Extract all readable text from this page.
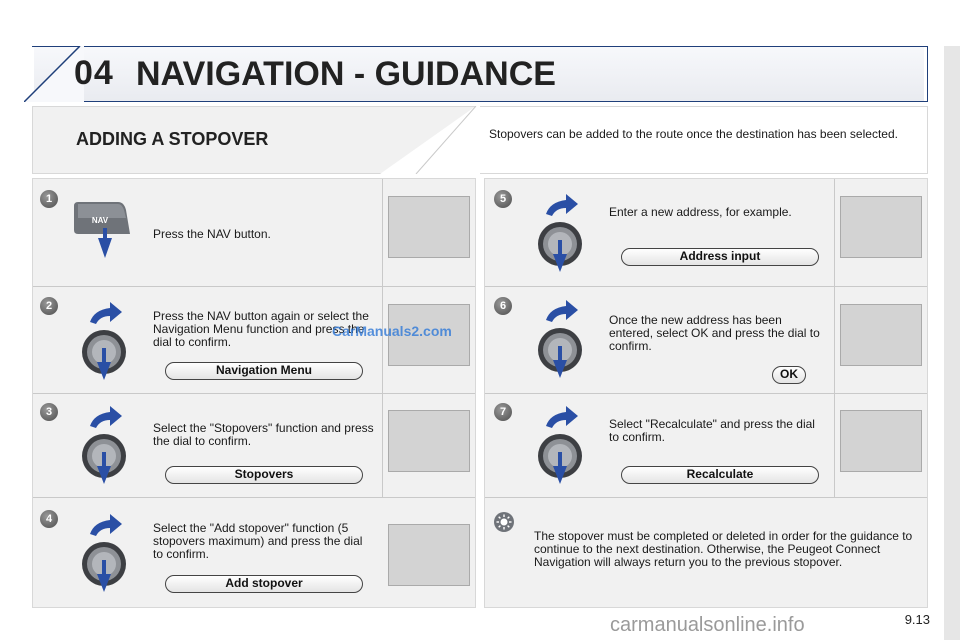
04 NAVIGATION - GUIDANCE
ADDING A STOPOVER	Stopovers can be added to the route once the destination has been selected.
1
2
3
4
5
6
7
NAV
Press the NAV button.
Press the NAV button again or select the Navigation Menu function and press the dial to confirm.
Select the "Stopovers" function and press the dial to confirm.
Select the "Add stopover" function (5 stopovers maximum) and press the dial to confirm.
Enter a new address, for example.
Once the new address has been entered, select OK and press the dial to confirm.
Select "Recalculate" and press the dial to confirm.
Navigation Menu
Stopovers
Add stopover
Address input
OK
Recalculate
CarManuals2.com
The stopover must be completed or deleted in order for the guidance to continue to the next destination. Otherwise, the Peugeot Connect Navigation will always return you to the previous stopover.
9.13
carmanualsonline.info
